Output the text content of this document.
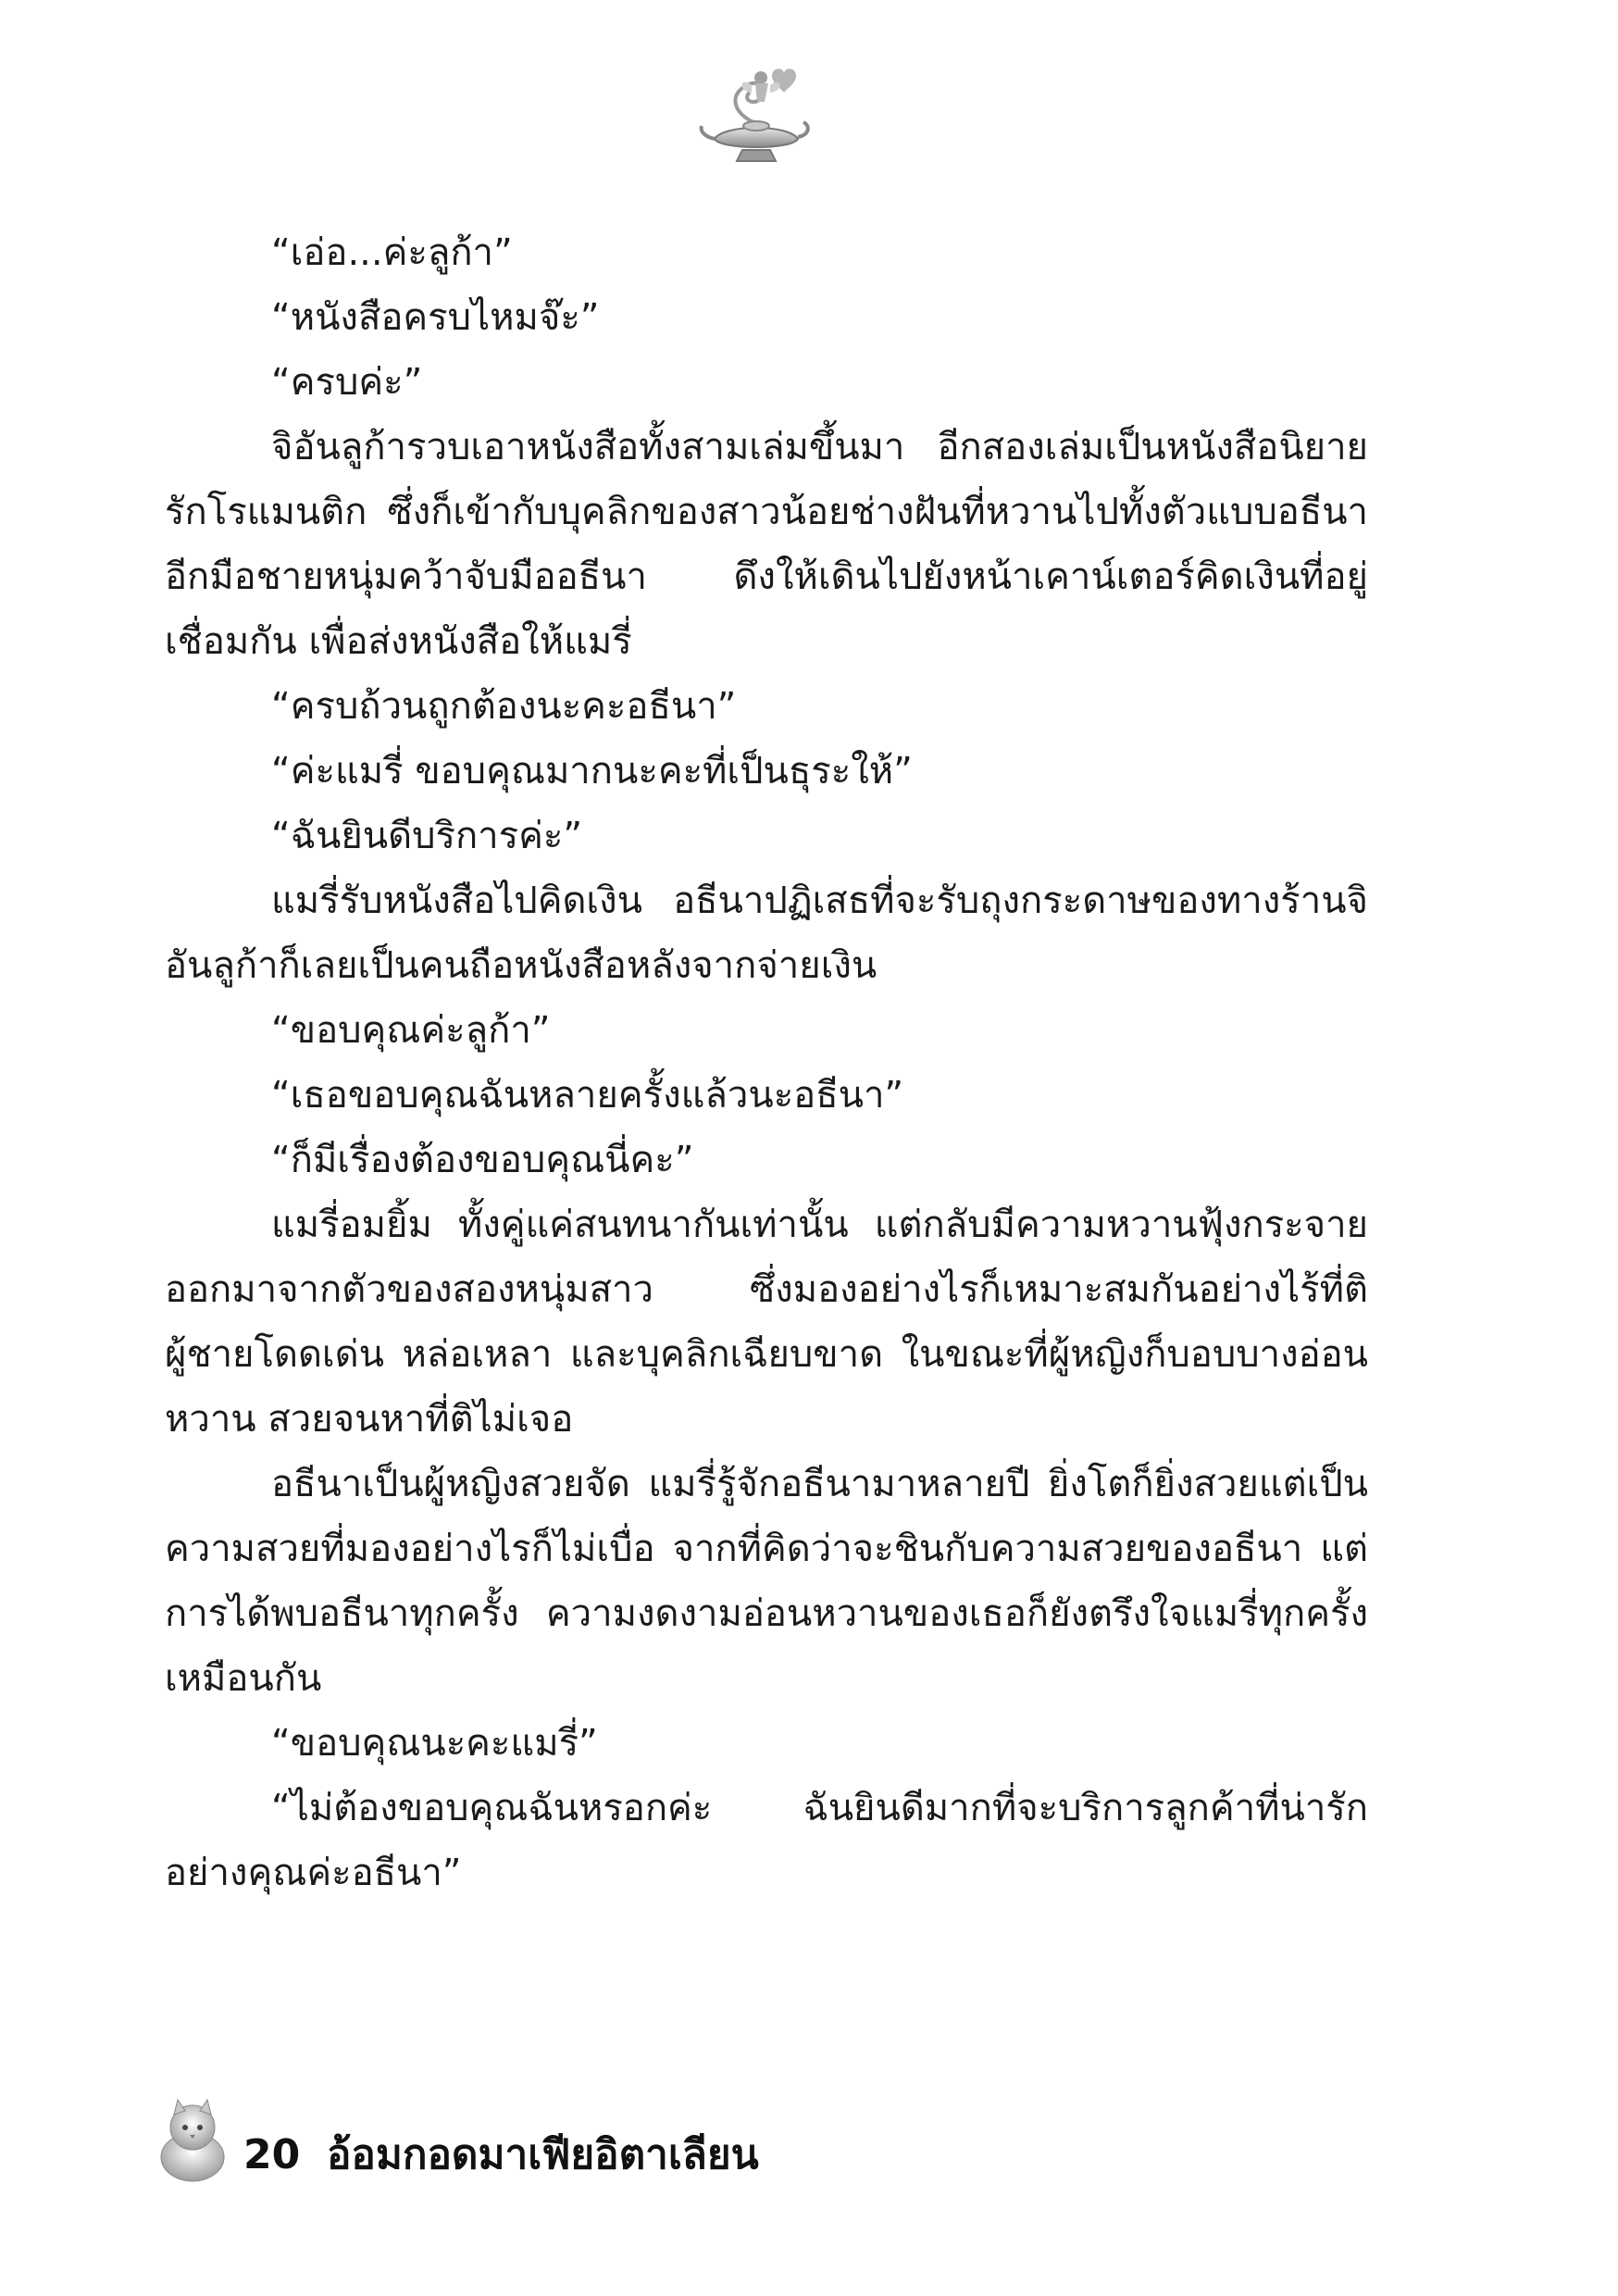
“เอ่อ...ค่ะลูก้า”

“หนังสือครบไหมจ๊ะ”

“ครบค่ะ”

จิอันลูก้ารวบเอาหนังสือทั้งสามเล่มขึ้นมา อีกสองเล่มเป็นหนังสือนิยายรักโรแมนติก ซึ่งก็เข้ากับบุคลิกของสาวน้อยช่างฝันที่หวานไปทั้งตัวแบบอธีนา อีกมือชายหนุ่มคว้าจับมืออธีนา ดึงให้เดินไปยังหน้าเคาน์เตอร์คิดเงินที่อยู่เชื่อมกัน เพื่อส่งหนังสือให้แมรี่

“ครบถ้วนถูกต้องนะคะอธีนา”

“ค่ะแมรี่ ขอบคุณมากนะคะที่เป็นธุระให้”

“ฉันยินดีบริการค่ะ”

แมรี่รับหนังสือไปคิดเงิน อธีนาปฏิเสธที่จะรับถุงกระดาษของทางร้านจิอันลูก้าก็เลยเป็นคนถือหนังสือหลังจากจ่ายเงิน

“ขอบคุณค่ะลูก้า”

“เธอขอบคุณฉันหลายครั้งแล้วนะอธีนา”

“ก็มีเรื่องต้องขอบคุณนี่คะ”

แมรี่อมยิ้ม ทั้งคู่แค่สนทนากันเท่านั้น แต่กลับมีความหวานฟุ้งกระจายออกมาจากตัวของสองหนุ่มสาว ซึ่งมองอย่างไรก็เหมาะสมกันอย่างไร้ที่ติ ผู้ชายโดดเด่น หล่อเหลา และบุคลิกเฉียบขาด ในขณะที่ผู้หญิงก็บอบบางอ่อนหวาน สวยจนหาที่ติไม่เจอ

อธีนาเป็นผู้หญิงสวยจัด แมรี่รู้จักอธีนามาหลายปี ยิ่งโตก็ยิ่งสวยแต่เป็นความสวยที่มองอย่างไรก็ไม่เบื่อ จากที่คิดว่าจะชินกับความสวยของอธีนา แต่การได้พบอธีนาทุกครั้ง ความงดงามอ่อนหวานของเธอก็ยังตรึงใจแมรี่ทุกครั้งเหมือนกัน

“ขอบคุณนะคะแมรี่”

“ไม่ต้องขอบคุณฉันหรอกค่ะ ฉันยินดีมากที่จะบริการลูกค้าที่น่ารักอย่างคุณค่ะอธีนา”

20 อ้อมกอดมาเฟียอิตาเลียน
